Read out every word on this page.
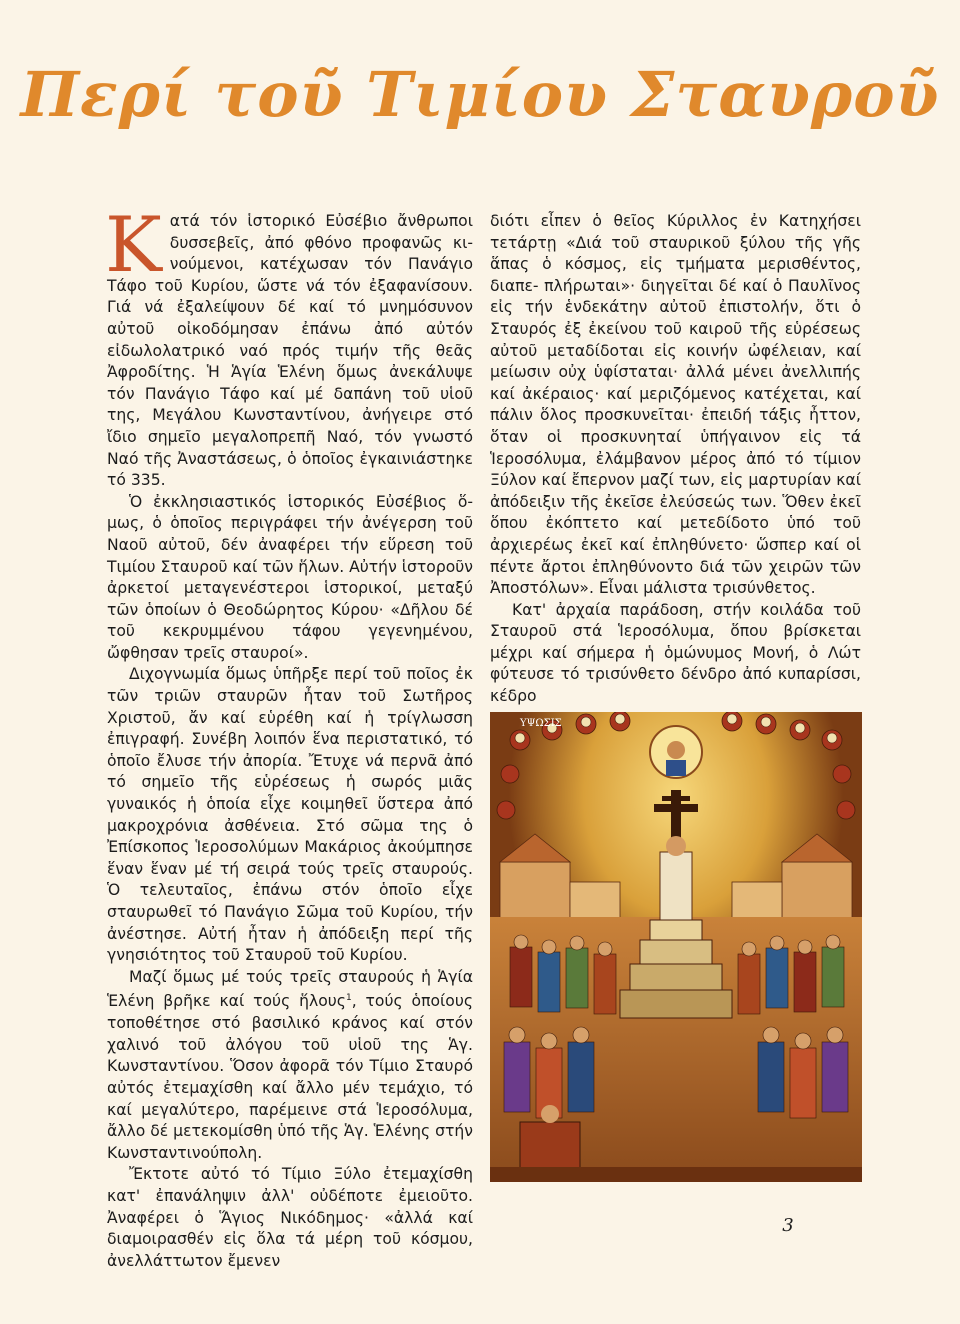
Περί τοῦ Τιμίου Σταυροῦ

Κατά τόν ἱστορικό Εὐσέβιο ἄνθρωποι δυσσεβεῖς, ἀπό φθόνο προφανῶς κι- νούμενοι, κατέχωσαν τόν Πανάγιο Τάφο τοῦ Κυρίου, ὥστε νά τόν ἐξαφανίσουν. Γιά νά ἐξαλείψουν δέ καί τό μνημόσυνον αὐτοῦ οἰκοδόμησαν ἐπάνω ἀπό αὐτόν εἰδωλολατρικό ναό πρός τιμήν τῆς θεᾶς Ἀφροδίτης. Ἡ Ἁγία Ἑλένη ὅμως ἀνεκάλυψε τόν Πανάγιο Τάφο καί μέ δαπάνη τοῦ υἱοῦ της, Μεγάλου Κωνσταντίνου, ἀνήγειρε στό ἴδιο σημεῖο μεγαλοπρεπῆ Ναό, τόν γνωστό Ναό τῆς Ἀναστάσεως, ὁ ὁποῖος ἐγκαινιάστηκε τό 335.

Ὁ ἐκκλησιαστικός ἱστορικός Εὐσέβιος ὅ- μως, ὁ ὁποῖος περιγράφει τήν ἀνέγερση τοῦ Ναοῦ αὐτοῦ, δέν ἀναφέρει τήν εὕρεση τοῦ Τιμίου Σταυροῦ καί τῶν ἥλων. Αὐτήν ἱστοροῦν ἀρκετοί μεταγενέστεροι ἱστορικοί, μεταξύ τῶν ὁποίων ὁ Θεοδώρητος Κύρου· «Δῆλου δέ τοῦ κεκρυμμένου τάφου γεγενημένου, ὤφθησαν τρεῖς σταυροί».

Διχογνωμία ὅμως ὑπῆρξε περί τοῦ ποῖος ἐκ τῶν τριῶν σταυρῶν ἦταν τοῦ Σωτῆρος Χριστοῦ, ἄν καί εὑρέθη καί ἡ τρίγλωσση ἐπιγραφή. Συνέβη λοιπόν ἕνα περιστατικό, τό ὁποῖο ἔλυσε τήν ἀπορία. Ἔτυχε νά περνᾶ ἀπό τό σημεῖο τῆς εὑρέσεως ἡ σωρός μιᾶς γυναικός ἡ ὁποία εἶχε κοιμηθεῖ ὕστερα ἀπό μακροχρόνια ἀσθένεια. Στό σῶμα της ὁ Ἐπίσκοπος Ἱεροσολύμων Μακάριος ἀκούμπησε ἕναν ἕναν μέ τή σειρά τούς τρεῖς σταυρούς. Ὁ τελευταῖος, ἐπάνω στόν ὁποῖο εἶχε σταυρωθεῖ τό Πανάγιο Σῶμα τοῦ Κυρίου, τήν ἀνέστησε. Αὐτή ἦταν ἡ ἀπόδειξη περί τῆς γνησιότητος τοῦ Σταυροῦ τοῦ Κυρίου.

Μαζί ὅμως μέ τούς τρεῖς σταυρούς ἡ Ἁγία Ἑλένη βρῆκε καί τούς ἥλους$^1$, τούς ὁποίους τοποθέτησε στό βασιλικό κράνος καί στόν χαλινό τοῦ ἀλόγου τοῦ υἱοῦ της Ἁγ. Κωνσταντίνου. Ὅσον ἀφορᾶ τόν Τίμιο Σταυρό αὐτός ἐτεμαχίσθη καί ἄλλο μέν τεμάχιο, τό καί μεγαλύτερο, παρέμεινε στά Ἱεροσόλυμα, ἄλλο δέ μετεκομίσθη ὑπό τῆς Ἁγ. Ἑλένης στήν Κωνσταντινούπολη.

Ἔκτοτε αὐτό τό Τίμιο Ξύλο ἐτεμαχίσθη κατ' ἐπανάληψιν ἀλλ' οὐδέποτε ἐμειοῦτο. Ἀναφέρει ὁ Ἅγιος Νικόδημος· «ἀλλά καί διαμοιρασθέν εἰς ὅλα τά μέρη τοῦ κόσμου, ἀνελλάττωτον ἔμενεν

διότι εἶπεν ὁ θεῖος Κύριλλος ἐν Κατηχήσει τετάρτῃ «Διά τοῦ σταυρικοῦ ξύλου τῆς γῆς ἅπας ὁ κόσμος, εἰς τμήματα μερισθέντος, διαπε- πλήρωται»· διηγεῖται δέ καί ὁ Παυλῖνος εἰς τήν ἑνδεκάτην αὐτοῦ ἐπιστολήν, ὅτι ὁ Σταυρός ἐξ ἐκείνου τοῦ καιροῦ τῆς εὑρέσεως αὐτοῦ μεταδίδοται εἰς κοινήν ὠφέλειαν, καί μείωσιν οὐχ ὑφίσταται· ἀλλά μένει ἀνελλιπής καί ἀκέραιος· καί μεριζόμενος κατέχεται, καί πάλιν ὅλος προσκυνεῖται· ἐπειδή τάξις ἦττον, ὅταν οἱ προσκυνηταί ὑπήγαινον εἰς τά Ἱεροσόλυμα, ἐλάμβανον μέρος ἀπό τό τίμιον Ξύλον καί ἔπερνον μαζί των, εἰς μαρτυρίαν καί ἀπόδειξιν τῆς ἐκεῖσε ἐλεύσεώς των. Ὅθεν ἐκεῖ ὅπου ἐκόπτετο καί μετεδίδοτο ὑπό τοῦ ἀρχιερέως ἐκεῖ καί ἐπληθύνετο· ὥσπερ καί οἱ πέντε ἄρτοι ἐπληθύνοντο διά τῶν χειρῶν τῶν Ἀποστόλων». Εἶναι μάλιστα τρισύνθετος.

Κατ' ἀρχαία παράδοση, στήν κοιλάδα τοῦ Σταυροῦ στά Ἱεροσόλυμα, ὅπου βρίσκεται μέχρι καί σήμερα ἡ ὁμώνυμος Μονή, ὁ Λώτ φύτευσε τό τρισύνθετο δένδρο ἀπό κυπαρίσσι, κέδρο

ΥΨΩΣΙΣ
3
